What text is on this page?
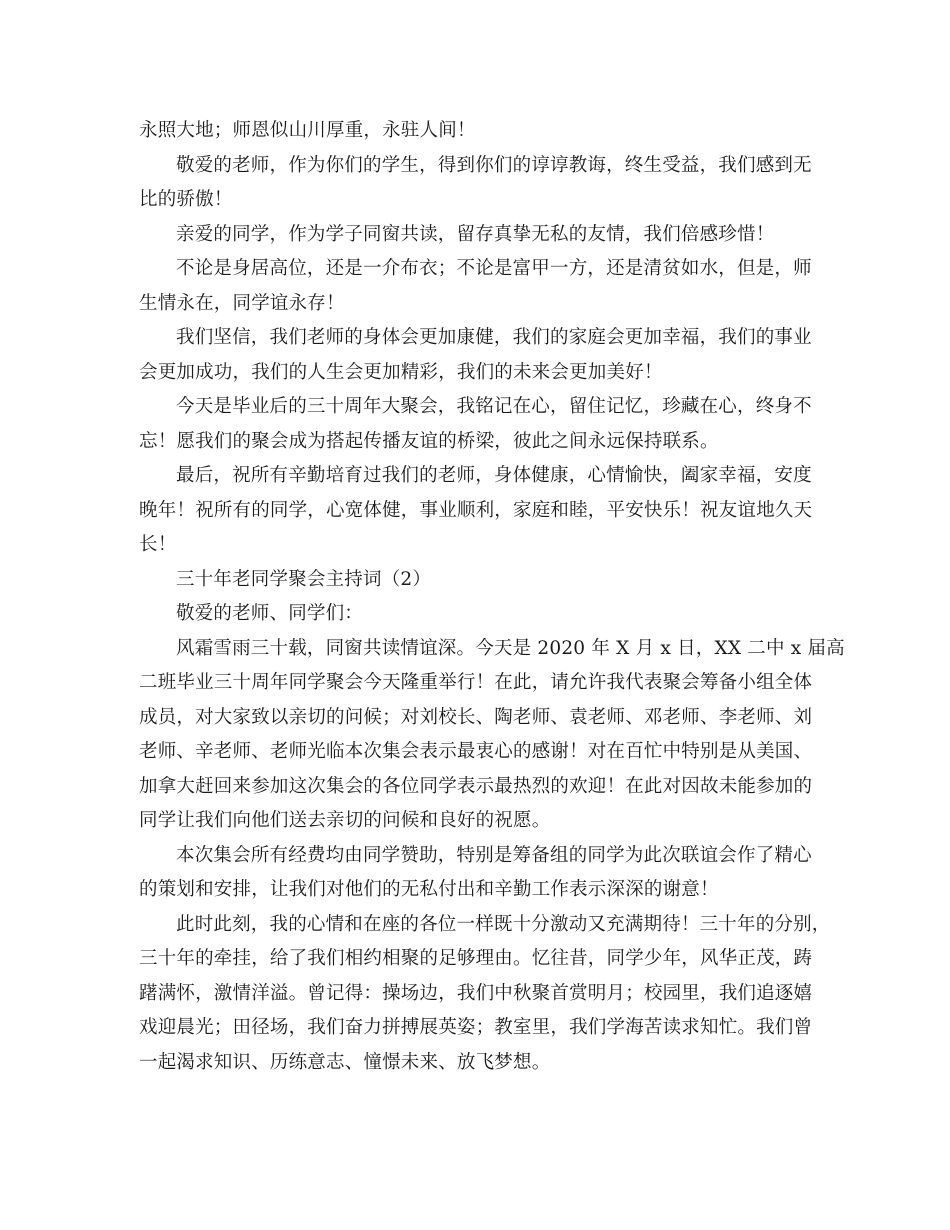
永照大地；师恩似山川厚重，永驻人间！
敬爱的老师，作为你们的学生，得到你们的谆谆教诲，终生受益，我们感到无
比的骄傲！
亲爱的同学，作为学子同窗共读，留存真挚无私的友情，我们倍感珍惜！
不论是身居高位，还是一介布衣；不论是富甲一方，还是清贫如水，但是，师
生情永在，同学谊永存！
我们坚信，我们老师的身体会更加康健，我们的家庭会更加幸福，我们的事业
会更加成功，我们的人生会更加精彩，我们的未来会更加美好！
今天是毕业后的三十周年大聚会，我铭记在心，留住记忆，珍藏在心，终身不
忘！愿我们的聚会成为搭起传播友谊的桥梁，彼此之间永远保持联系。
最后，祝所有辛勤培育过我们的老师，身体健康，心情愉快，阖家幸福，安度
晚年！祝所有的同学，心宽体健，事业顺利，家庭和睦，平安快乐！祝友谊地久天
长！
三十年老同学聚会主持词（2）
敬爱的老师、同学们：
风霜雪雨三十载，同窗共读情谊深。今天是 2020 年 X 月 x 日，XX 二中 x 届高
二班毕业三十周年同学聚会今天隆重举行！在此，请允许我代表聚会筹备小组全体
成员，对大家致以亲切的问候；对刘校长、陶老师、袁老师、邓老师、李老师、刘
老师、辛老师、老师光临本次集会表示最衷心的感谢！对在百忙中特别是从美国、
加拿大赶回来参加这次集会的各位同学表示最热烈的欢迎！在此对因故未能参加的
同学让我们向他们送去亲切的问候和良好的祝愿。
本次集会所有经费均由同学赞助，特别是筹备组的同学为此次联谊会作了精心
的策划和安排，让我们对他们的无私付出和辛勤工作表示深深的谢意！
此时此刻，我的心情和在座的各位一样既十分激动又充满期待！三十年的分别，
三十年的牵挂，给了我们相约相聚的足够理由。忆往昔，同学少年，风华正茂，踌
躇满怀，激情洋溢。曾记得：操场边，我们中秋聚首赏明月；校园里，我们追逐嬉
戏迎晨光；田径场，我们奋力拼搏展英姿；教室里，我们学海苦读求知忙。我们曾
一起渴求知识、历练意志、憧憬未来、放飞梦想。
